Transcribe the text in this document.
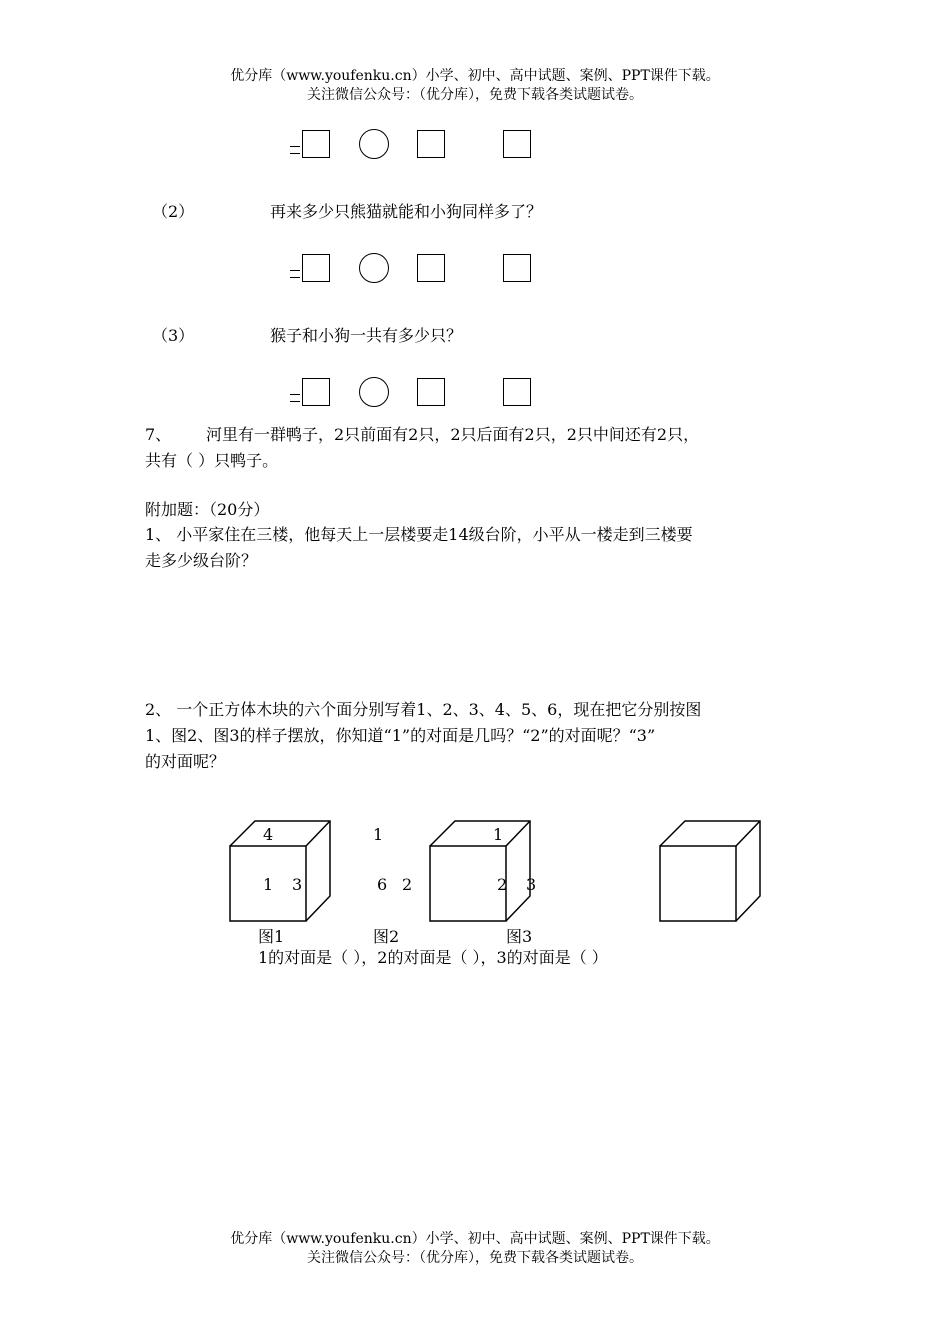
优分库（www.youfenku.cn）小学、初中、高中试题、案例、PPT课件下载。
关注微信公众号：（优分库），免费下载各类试题试卷。
（2）	再来多少只熊猫就能和小狗同样多了？
（3）	猴子和小狗一共有多少只？
7、 河里有一群鸭子，2只前面有2只，2只后面有2只，2只中间还有2只，
共有（ ）只鸭子。
附加题：（20分）
1、 小平家住在三楼，他每天上一层楼要走14级台阶，小平从一楼走到三楼要
走多少级台阶？
2、 一个正方体木块的六个面分别写着1、2、3、4、5、6，现在把它分别按图
1、图2、图3的样子摆放，你知道“1”的对面是几吗？“2”的对面呢？“3”
的对面呢？
4
1 3
1
6 2
1
2 3
图1	图2	图3
1的对面是（ ），2的对面是（ ），3的对面是（ ）
优分库（www.youfenku.cn）小学、初中、高中试题、案例、PPT课件下载。
关注微信公众号：（优分库），免费下载各类试题试卷。
